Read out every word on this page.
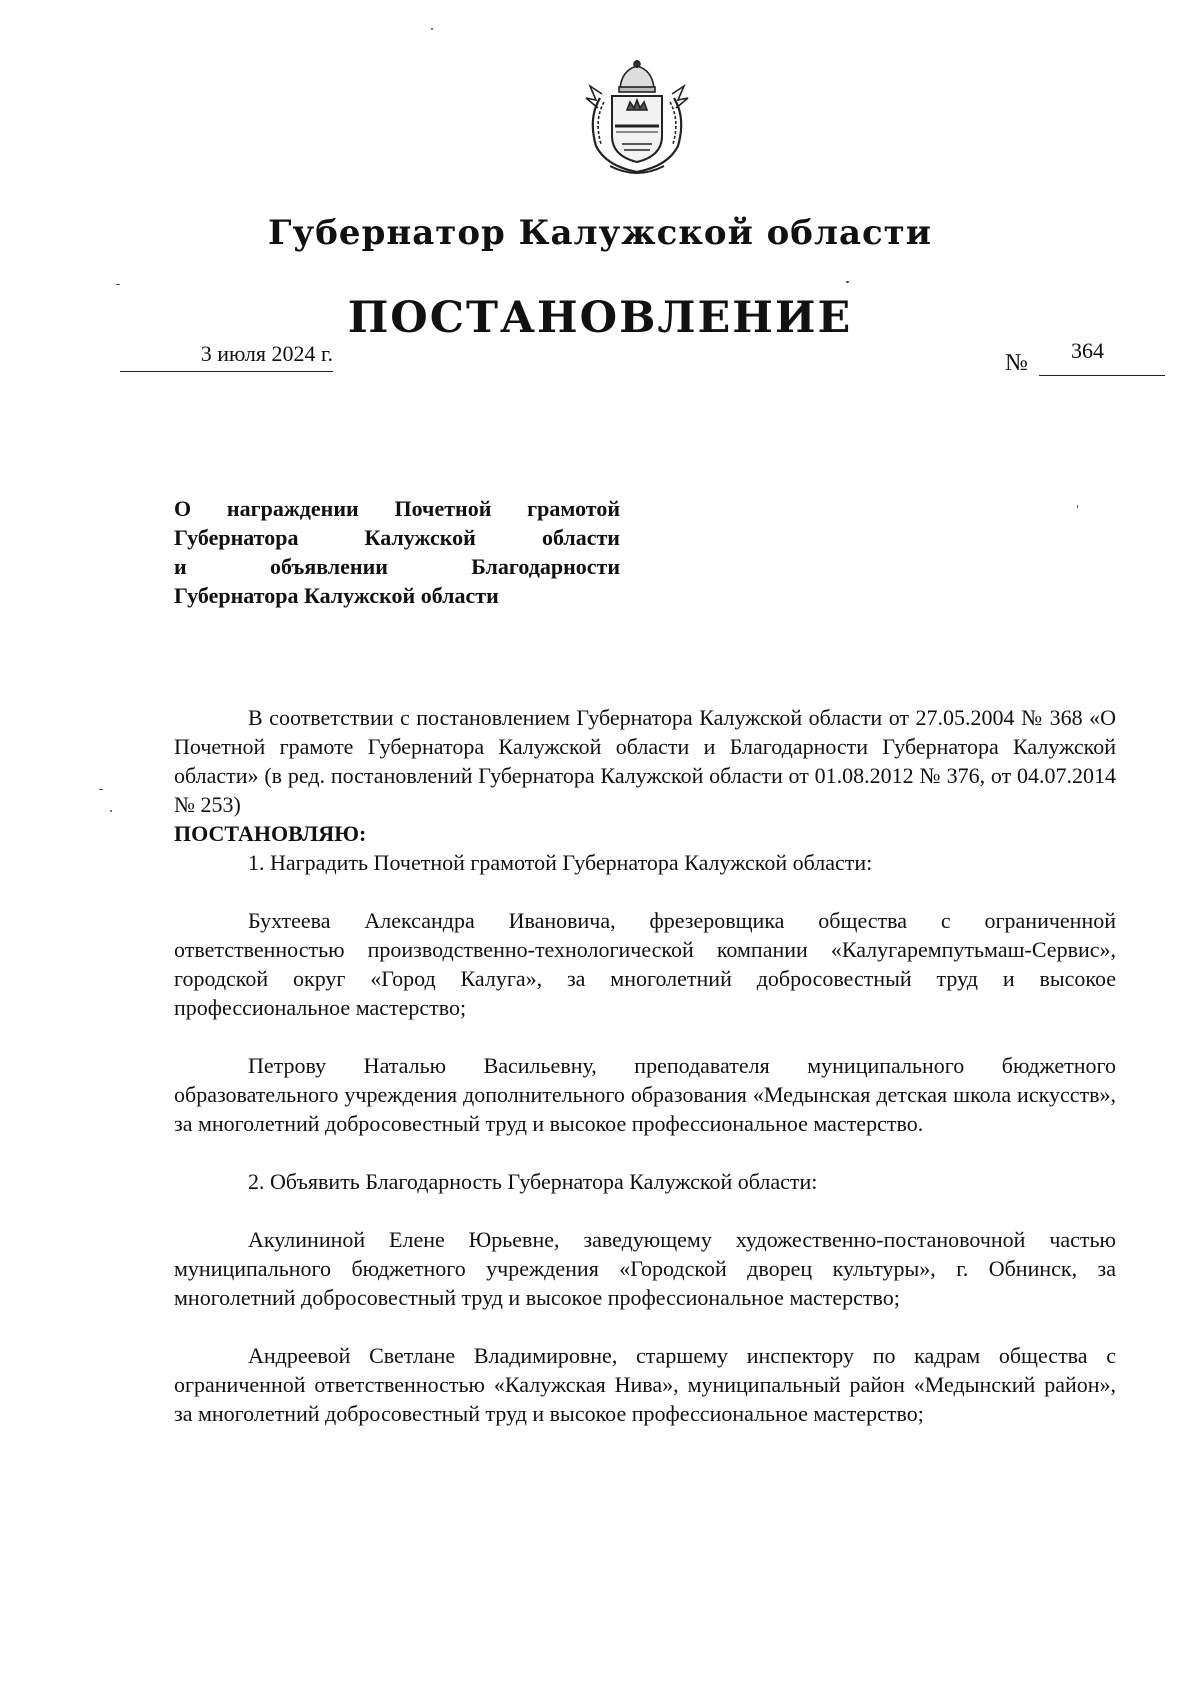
Губернатор Калужской области
ПОСТАНОВЛЕНИЕ
3 июля 2024 г.	№ 364
О награждении Почетной грамотой
Губернатора Калужской области
и объявлении Благодарности
Губернатора Калужской области

В соответствии с постановлением Губернатора Калужской области от 27.05.2004 № 368 «О Почетной грамоте Губернатора Калужской области и Благодарности Губернатора Калужской области» (в ред. постановлений Губернатора Калужской области от 01.08.2012 № 376, от 04.07.2014 № 253)

ПОСТАНОВЛЯЮ:

1. Наградить Почетной грамотой Губернатора Калужской области:

Бухтеева Александра Ивановича, фрезеровщика общества с ограниченной ответственностью производственно-технологической компании «Калугаремпутьмаш-Сервис», городской округ «Город Калуга», за многолетний добросовестный труд и высокое профессиональное мастерство;

Петрову Наталью Васильевну, преподавателя муниципального бюджетного образовательного учреждения дополнительного образования «Медынская детская школа искусств», за многолетний добросовестный труд и высокое профессиональное мастерство.

2. Объявить Благодарность Губернатора Калужской области:

Акулининой Елене Юрьевне, заведующему художественно-постановочной частью муниципального бюджетного учреждения «Городской дворец культуры», г. Обнинск, за многолетний добросовестный труд и высокое профессиональное мастерство;

Андреевой Светлане Владимировне, старшему инспектору по кадрам общества с ограниченной ответственностью «Калужская Нива», муниципальный район «Медынский район», за многолетний добросовестный труд и высокое профессиональное мастерство;
